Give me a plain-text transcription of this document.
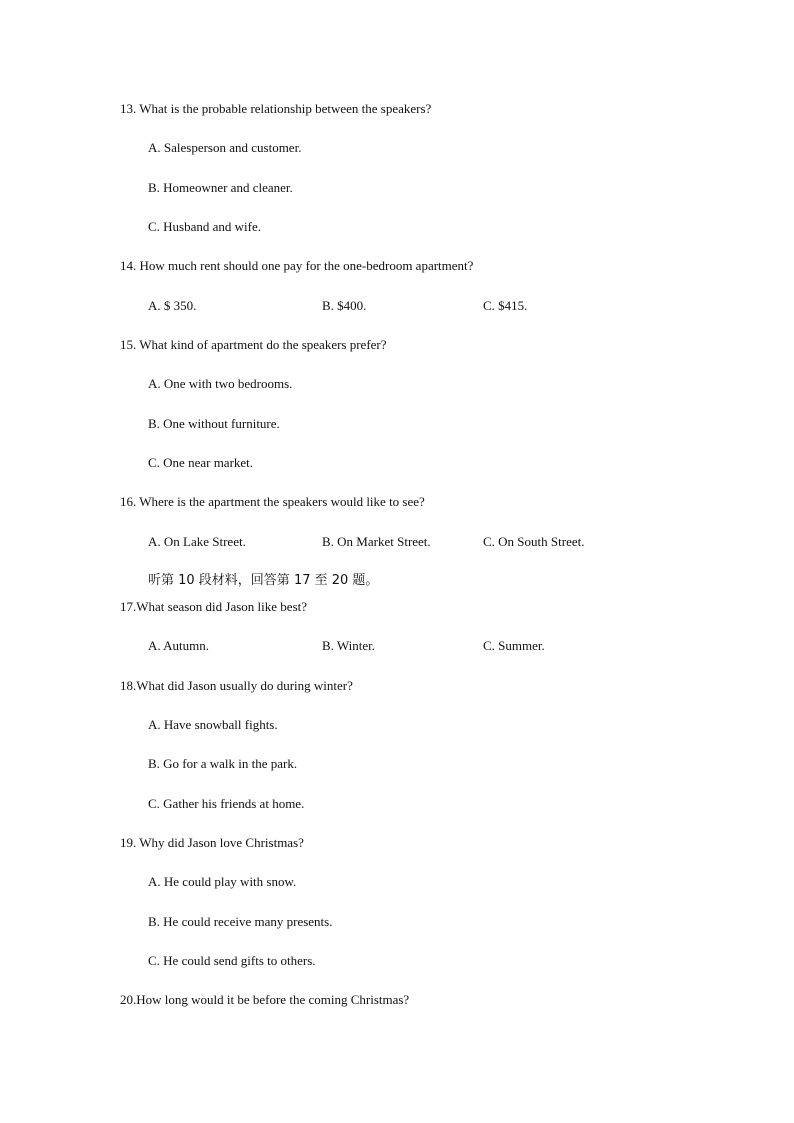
13. What is the probable relationship between the speakers?
A. Salesperson and customer.
B. Homeowner and cleaner.
C. Husband and wife.
14. How much rent should one pay for the one-bedroom apartment?
A. $ 350.	B. $400.	C. $415.
15. What kind of apartment do the speakers prefer?
A. One with two bedrooms.
B. One without furniture.
C. One near market.
16. Where is the apartment the speakers would like to see?
A. On Lake Street.	B. On Market Street.	C. On South Street.
听第 10 段材料，回答第 17 至 20 题。
17.What season did Jason like best?
A. Autumn.	B. Winter.	C. Summer.
18.What did Jason usually do during winter?
A. Have snowball fights.
B. Go for a walk in the park.
C. Gather his friends at home.
19. Why did Jason love Christmas?
A. He could play with snow.
B. He could receive many presents.
C. He could send gifts to others.
20.How long would it be before the coming Christmas?
